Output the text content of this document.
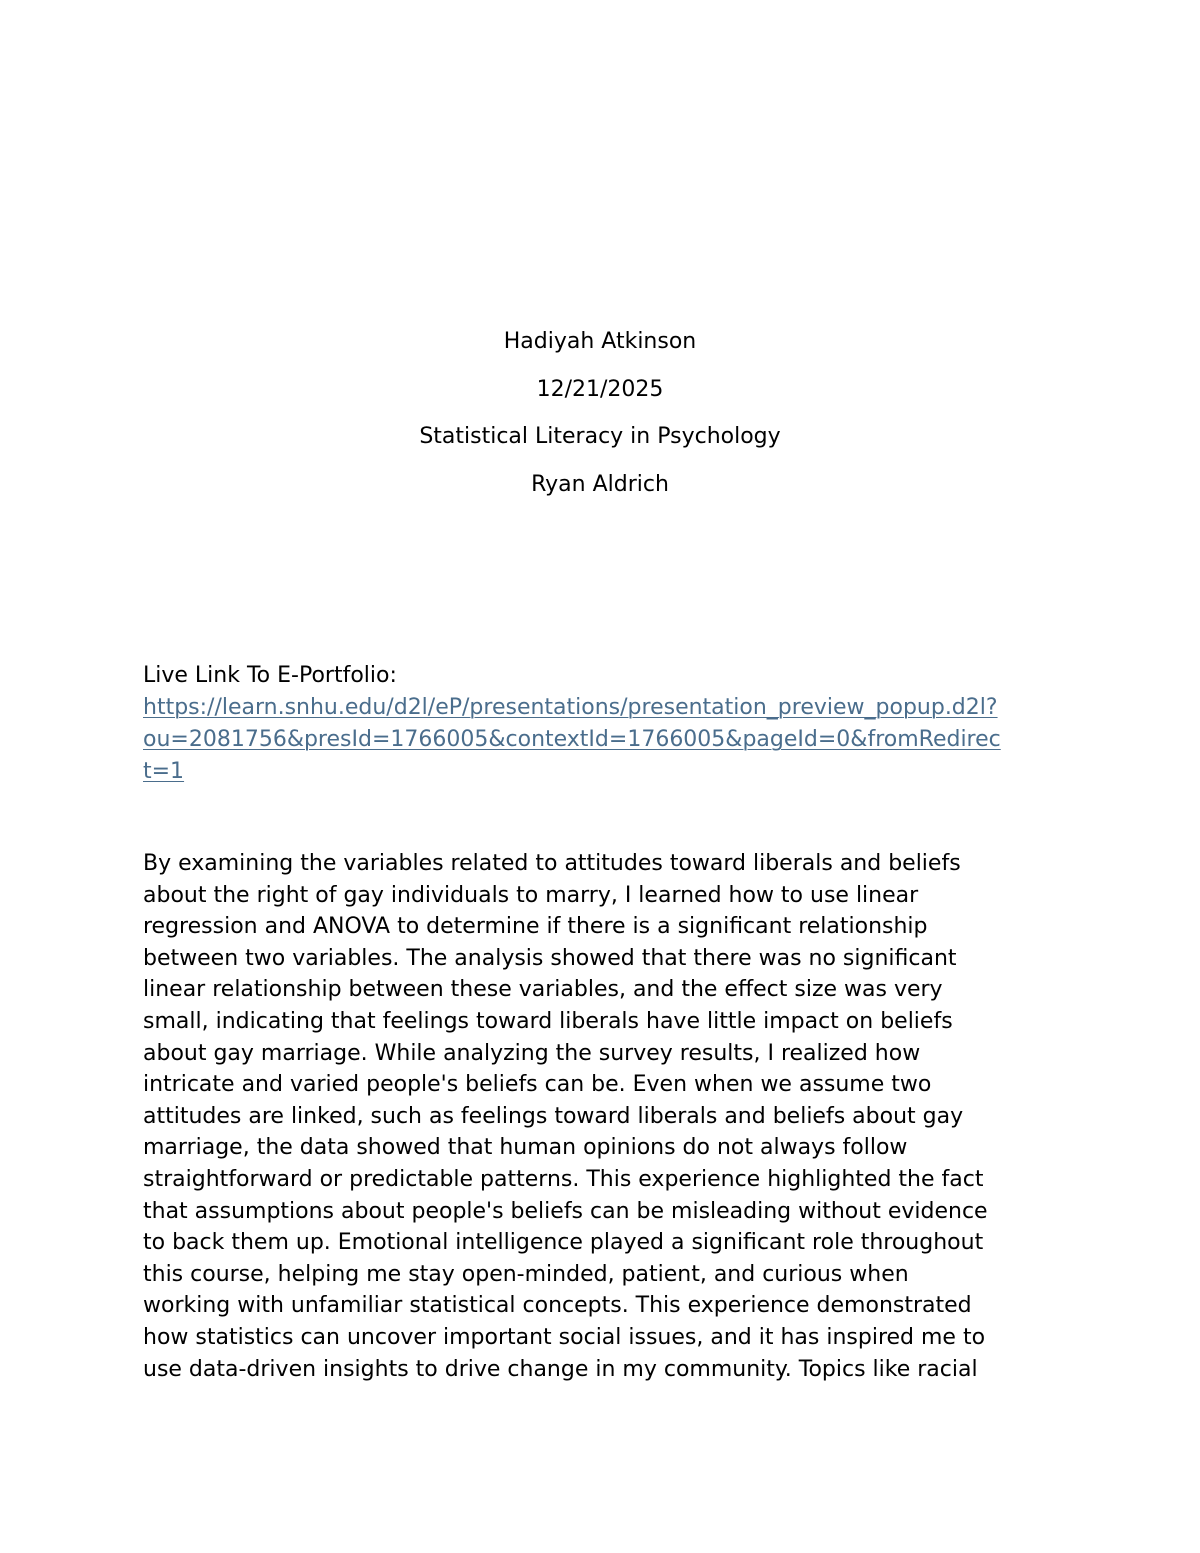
Hadiyah Atkinson
12/21/2025
Statistical Literacy in Psychology
Ryan Aldrich
Live Link To E-Portfolio:
https://learn.snhu.edu/d2l/eP/presentations/presentation_preview_popup.d2l?
ou=2081756&presId=1766005&contextId=1766005&pageId=0&fromRedirec
t=1
By examining the variables related to attitudes toward liberals and beliefs
about the right of gay individuals to marry, I learned how to use linear
regression and ANOVA to determine if there is a significant relationship
between two variables. The analysis showed that there was no significant
linear relationship between these variables, and the effect size was very
small, indicating that feelings toward liberals have little impact on beliefs
about gay marriage. While analyzing the survey results, I realized how
intricate and varied people's beliefs can be. Even when we assume two
attitudes are linked, such as feelings toward liberals and beliefs about gay
marriage, the data showed that human opinions do not always follow
straightforward or predictable patterns. This experience highlighted the fact
that assumptions about people's beliefs can be misleading without evidence
to back them up. Emotional intelligence played a significant role throughout
this course, helping me stay open-minded, patient, and curious when
working with unfamiliar statistical concepts. This experience demonstrated
how statistics can uncover important social issues, and it has inspired me to
use data-driven insights to drive change in my community. Topics like racial
